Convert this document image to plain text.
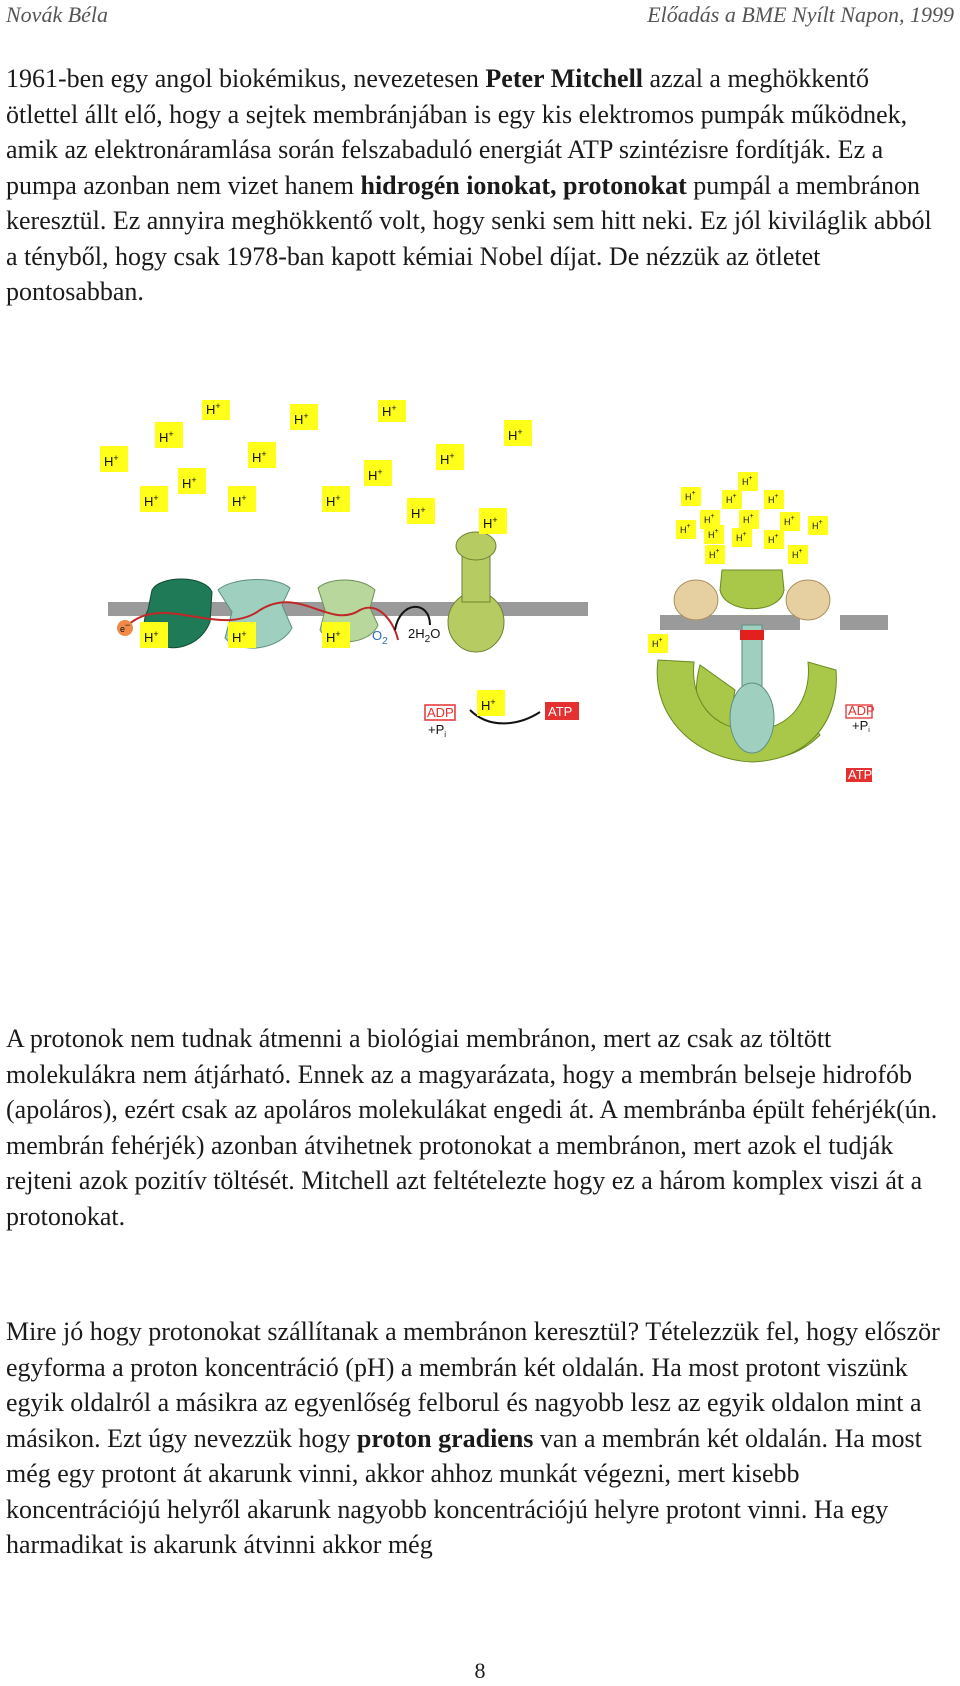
Novák Béla	Előadás a BME Nyílt Napon, 1999

1961-ben egy angol biokémikus, nevezetesen Peter Mitchell azzal a meghökkentő ötlettel állt elő, hogy a sejtek membránjában is egy kis elektromos pumpák működnek, amik az elektronáramlása során felszabaduló energiát ATP szintézisre fordítják. Ez a pumpa azonban nem vizet hanem hidrogén ionokat, protonokat pumpál a membránon keresztül. Ez annyira meghökkentő volt, hogy senki sem hitt neki. Ez jól kiviláglik abból a tényből, hogy csak 1978-ban kapott kémiai Nobel díjat. De nézzük az ötletet pontosabban.

e−
$O_2$
$2H_2O$
ADP
$+P_i$
ATP	ADP
+Pi
ATP
H+
H+	H+
H+	H+
H+	H+	H+
H+	H+
H+	H+	H+
H+
H+
H+	H+	H+
H+
H+
H+
H+	H+
H+	H+
H+
H+
H+
H+
H+
H+
H+	H+
H+

A protonok nem tudnak átmenni a biológiai membránon, mert az csak az töltött molekulákra nem átjárható. Ennek az a magyarázata, hogy a membrán belseje hidrofób (apoláros), ezért csak az apoláros molekulákat engedi át. A membránba épült fehérjék(ún. membrán fehérjék) azonban átvihetnek protonokat a membránon, mert azok el tudják rejteni azok pozitív töltését. Mitchell azt feltételezte hogy ez a három komplex viszi át a protonokat.

Mire jó hogy protonokat szállítanak a membránon keresztül? Tételezzük fel, hogy először egyforma a proton koncentráció (pH) a membrán két oldalán. Ha most protont viszünk egyik oldalról a másikra az egyenlőség felborul és nagyobb lesz az egyik oldalon mint a másikon. Ezt úgy nevezzük hogy proton gradiens van a membrán két oldalán. Ha most még egy protont át akarunk vinni, akkor ahhoz munkát végezni, mert kisebb koncentrációjú helyről akarunk nagyobb koncentrációjú helyre protont vinni. Ha egy harmadikat is akarunk átvinni akkor még

8
